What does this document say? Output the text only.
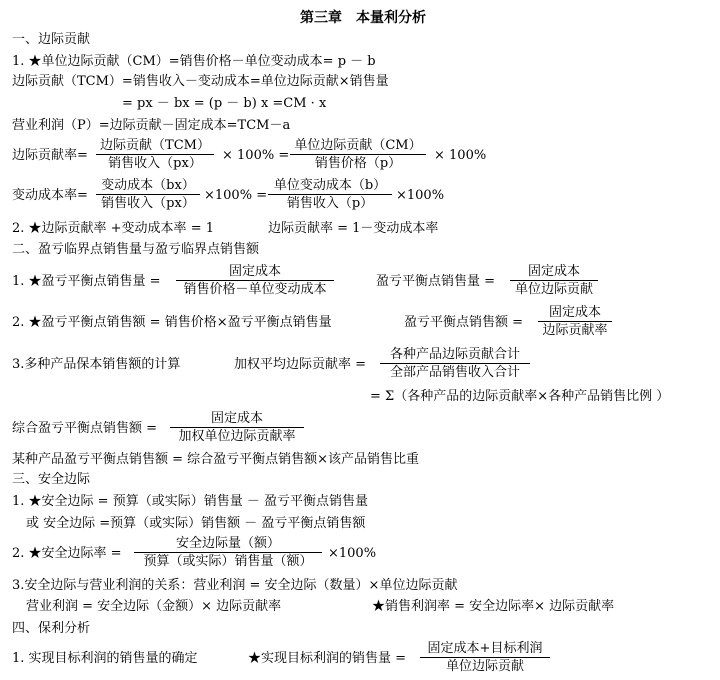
第三章　本量利分析
一、边际贡献
1. ★单位边际贡献（CM）=销售价格－单位变动成本= p － b
边际贡献（TCM）=销售收入－变动成本=单位边际贡献×销售量
= px － bx = (p － b) x =CM · x
营业利润（P）=边际贡献－固定成本=TCM－a
边际贡献率=
边际贡献（TCM）
销售收入（px）
× 100% =
单位边际贡献（CM）
销售价格（p）
× 100%
变动成本率=
变动成本（bx）
销售收入（px）
×100% =
单位变动成本（b）
销售收入（p）
×100%
2. ★边际贡献率 +变动成本率 = 1	边际贡献率 = 1－变动成本率
二、盈亏临界点销售量与盈亏临界点销售额
1. ★盈亏平衡点销售量 =
固定成本
销售价格－单位变动成本
盈亏平衡点销售量 =
固定成本
单位边际贡献
2. ★盈亏平衡点销售额 = 销售价格×盈亏平衡点销售量	盈亏平衡点销售额 =
固定成本
边际贡献率
3.多种产品保本销售额的计算	加权平均边际贡献率 =
各种产品边际贡献合计
全部产品销售收入合计
= Σ（各种产品的边际贡献率×各种产品销售比例 ）
综合盈亏平衡点销售额 =
固定成本
加权单位边际贡献率
某种产品盈亏平衡点销售额 = 综合盈亏平衡点销售额×该产品销售比重
三、安全边际
1. ★安全边际 = 预算（或实际）销售量 － 盈亏平衡点销售量
或 安全边际 =预算（或实际）销售额 － 盈亏平衡点销售额
2. ★安全边际率 =
安全边际量（额）
预算（或实际）销售量（额）
×100%
3.安全边际与营业利润的关系：营业利润 = 安全边际（数量）×单位边际贡献
营业利润 = 安全边际（金额）× 边际贡献率	★销售利润率 = 安全边际率× 边际贡献率
四、保利分析
1. 实现目标利润的销售量的确定	★实现目标利润的销售量 =
固定成本+目标利润
单位边际贡献
